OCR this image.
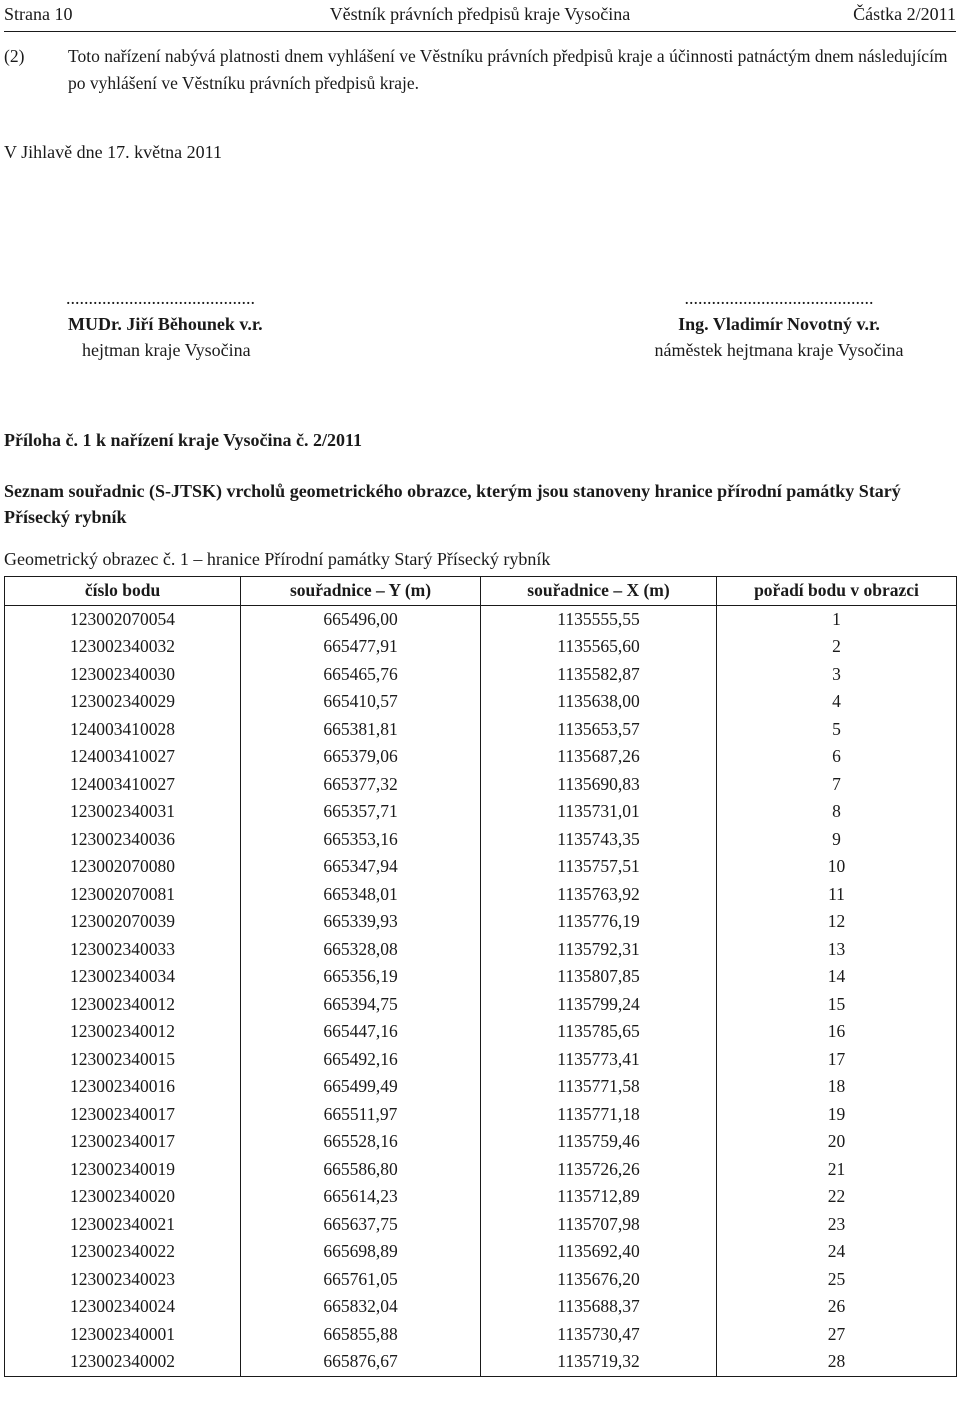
Věstník právních předpisů kraje Vysočina
Strana 10	Částka 2/2011
(2) Toto nařízení nabývá platnosti dnem vyhlášení ve Věstníku právních předpisů kraje a účinnosti patnáctým dnem následujícím po vyhlášení ve Věstníku právních předpisů kraje.
V Jihlavě dne 17. května 2011
..........................................
MUDr. Jiří Běhounek v.r.
hejtman kraje Vysočina
..........................................
Ing. Vladimír Novotný v.r.
náměstek hejtmana kraje Vysočina
Příloha č. 1 k nařízení kraje Vysočina č. 2/2011
Seznam souřadnic (S-JTSK) vrcholů geometrického obrazce, kterým jsou stanoveny hranice přírodní památky Starý Přísecký rybník
Geometrický obrazec č. 1 – hranice Přírodní památky Starý Přísecký rybník
číslo bodu	souřadnice – Y (m)	souřadnice – X (m)	pořadí bodu v obrazci
123002070054	665496,00	1135555,55	1
123002340032	665477,91	1135565,60	2
123002340030	665465,76	1135582,87	3
123002340029	665410,57	1135638,00	4
124003410028	665381,81	1135653,57	5
124003410027	665379,06	1135687,26	6
124003410027	665377,32	1135690,83	7
123002340031	665357,71	1135731,01	8
123002340036	665353,16	1135743,35	9
123002070080	665347,94	1135757,51	10
123002070081	665348,01	1135763,92	11
123002070039	665339,93	1135776,19	12
123002340033	665328,08	1135792,31	13
123002340034	665356,19	1135807,85	14
123002340012	665394,75	1135799,24	15
123002340012	665447,16	1135785,65	16
123002340015	665492,16	1135773,41	17
123002340016	665499,49	1135771,58	18
123002340017	665511,97	1135771,18	19
123002340017	665528,16	1135759,46	20
123002340019	665586,80	1135726,26	21
123002340020	665614,23	1135712,89	22
123002340021	665637,75	1135707,98	23
123002340022	665698,89	1135692,40	24
123002340023	665761,05	1135676,20	25
123002340024	665832,04	1135688,37	26
123002340001	665855,88	1135730,47	27
123002340002	665876,67	1135719,32	28
